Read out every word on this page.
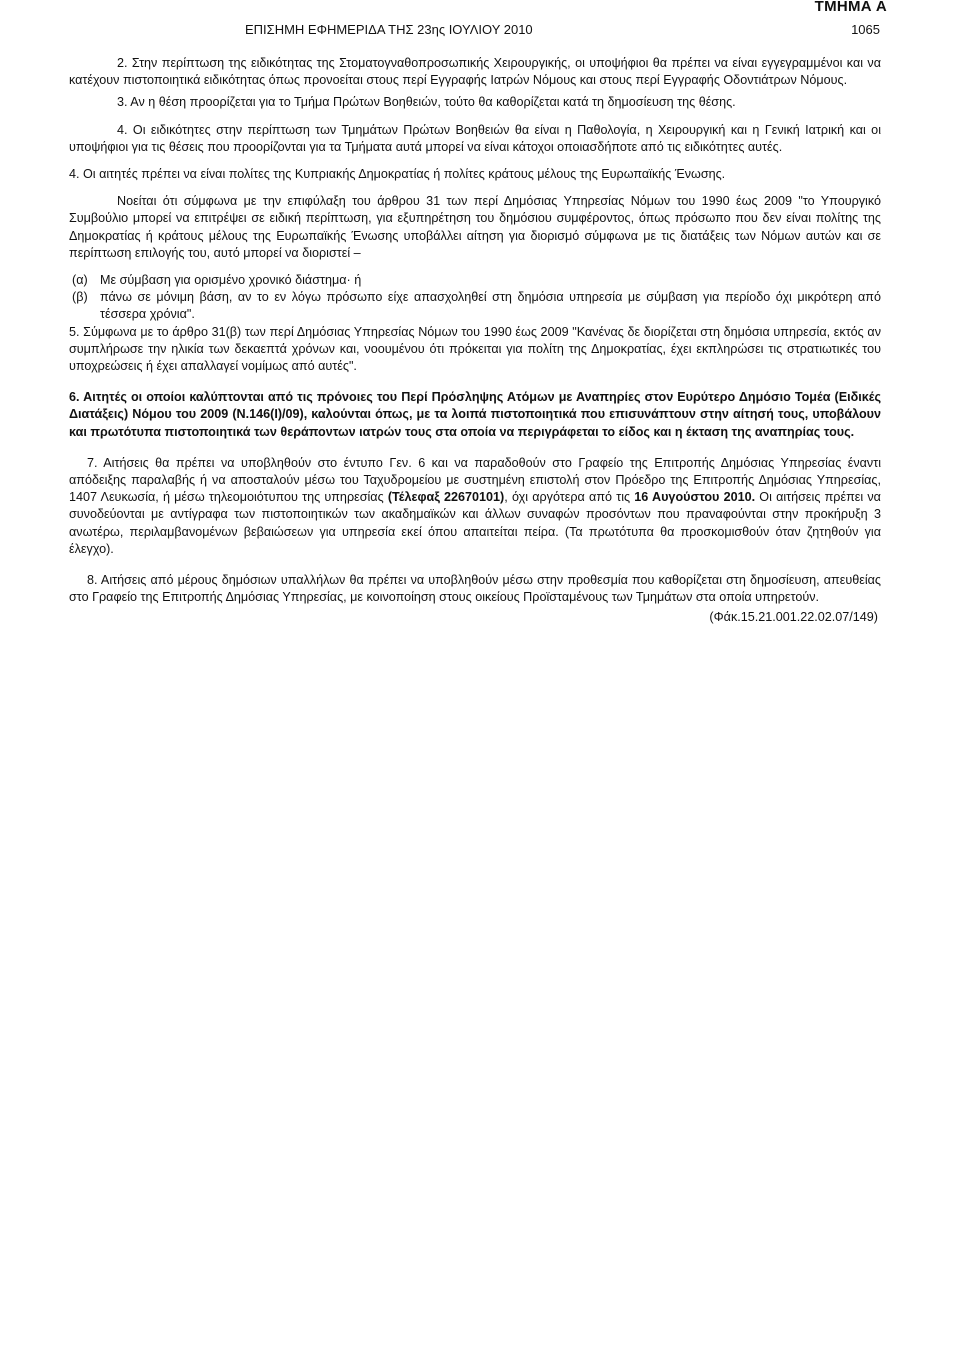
ΤΜΗΜΑ Α
ΕΠΙΣΗΜΗ ΕΦΗΜΕΡΙΔΑ ΤΗΣ 23ης ΙΟΥΛΙΟΥ 2010	1065

2. Στην περίπτωση της ειδικότητας της Στοματογναθοπροσωπικής Χειρουργικής, οι υποψήφιοι θα πρέπει να είναι εγγεγραμμένοι και να κατέχουν πιστοποιητικά ειδικότητας όπως προνοείται στους περί Εγγραφής Ιατρών Νόμους και στους περί Εγγραφής Οδοντιάτρων Νόμους.

3. Αν η θέση προορίζεται για το Τμήμα Πρώτων Βοηθειών, τούτο θα καθορίζεται κατά τη δημοσίευση της θέσης.

4. Οι ειδικότητες στην περίπτωση των Τμημάτων Πρώτων Βοηθειών θα είναι η Παθολογία, η Χειρουργική και η Γενική Ιατρική και οι υποψήφιοι για τις θέσεις που προορίζονται για τα Τμήματα αυτά μπορεί να είναι κάτοχοι οποιασδήποτε από τις ειδικότητες αυτές.

4. Οι αιτητές πρέπει να είναι πολίτες της Κυπριακής Δημοκρατίας ή πολίτες κράτους μέλους της Ευρωπαϊκής Ένωσης.

Νοείται ότι σύμφωνα με την επιφύλαξη του άρθρου 31 των περί Δημόσιας Υπηρεσίας Νόμων του 1990 έως 2009 "το Υπουργικό Συμβούλιο μπορεί να επιτρέψει σε ειδική περίπτωση, για εξυπηρέτηση του δημόσιου συμφέροντος, όπως πρόσωπο που δεν είναι πολίτης της Δημοκρατίας ή κράτους μέλους της Ευρωπαϊκής Ένωσης υποβάλλει αίτηση για διορισμό σύμφωνα με τις διατάξεις των Νόμων αυτών και σε περίπτωση επιλογής του, αυτό μπορεί να διοριστεί –

(α) Με σύμβαση για ορισμένο χρονικό διάστημα· ή
(β) πάνω σε μόνιμη βάση, αν το εν λόγω πρόσωπο είχε απασχοληθεί στη δημόσια υπηρεσία με σύμβαση για περίοδο όχι μικρότερη από τέσσερα χρόνια".

5. Σύμφωνα με το άρθρο 31(β) των περί Δημόσιας Υπηρεσίας Νόμων του 1990 έως 2009 "Κανένας δε διορίζεται στη δημόσια υπηρεσία, εκτός αν συμπλήρωσε την ηλικία των δεκαεπτά χρόνων και, νοουμένου ότι πρόκειται για πολίτη της Δημοκρατίας, έχει εκπληρώσει τις στρατιωτικές του υποχρεώσεις ή έχει απαλλαγεί νομίμως από αυτές".

6. Αιτητές οι οποίοι καλύπτονται από τις πρόνοιες του Περί Πρόσληψης Ατόμων με Αναπηρίες στον Ευρύτερο Δημόσιο Τομέα (Ειδικές Διατάξεις) Νόμου του 2009 (Ν.146(Ι)/09), καλούνται όπως, με τα λοιπά πιστοποιητικά που επισυνάπτουν στην αίτησή τους, υποβάλουν και πρωτότυπα πιστοποιητικά των θεράποντων ιατρών τους στα οποία να περιγράφεται το είδος και η έκταση της αναπηρίας τους.

7. Αιτήσεις θα πρέπει να υποβληθούν στο έντυπο Γεν. 6 και να παραδοθούν στο Γραφείο της Επιτροπής Δημόσιας Υπηρεσίας έναντι απόδειξης παραλαβής ή να αποσταλούν μέσω του Ταχυδρομείου με συστημένη επιστολή στον Πρόεδρο της Επιτροπής Δημόσιας Υπηρεσίας, 1407 Λευκωσία, ή μέσω τηλεομοιότυπου της υπηρεσίας (Τέλεφαξ 22670101), όχι αργότερα από τις 16 Αυγούστου 2010. Οι αιτήσεις πρέπει να συνοδεύονται με αντίγραφα των πιστοποιητικών των ακαδημαϊκών και άλλων συναφών προσόντων που πραναφούνται στην προκήρυξη 3 ανωτέρω, περιλαμβανομένων βεβαιώσεων για υπηρεσία εκεί όπου απαιτείται πείρα. (Τα πρωτότυπα θα προσκομισθούν όταν ζητηθούν για έλεγχο).

8. Αιτήσεις από μέρους δημόσιων υπαλλήλων θα πρέπει να υποβληθούν μέσω στην προθεσμία που καθορίζεται στη δημοσίευση, απευθείας στο Γραφείο της Επιτροπής Δημόσιας Υπηρεσίας, με κοινοποίηση στους οικείους Προϊσταμένους των Τμημάτων στα οποία υπηρετούν.

(Φάκ.15.21.001.22.02.07/149)
